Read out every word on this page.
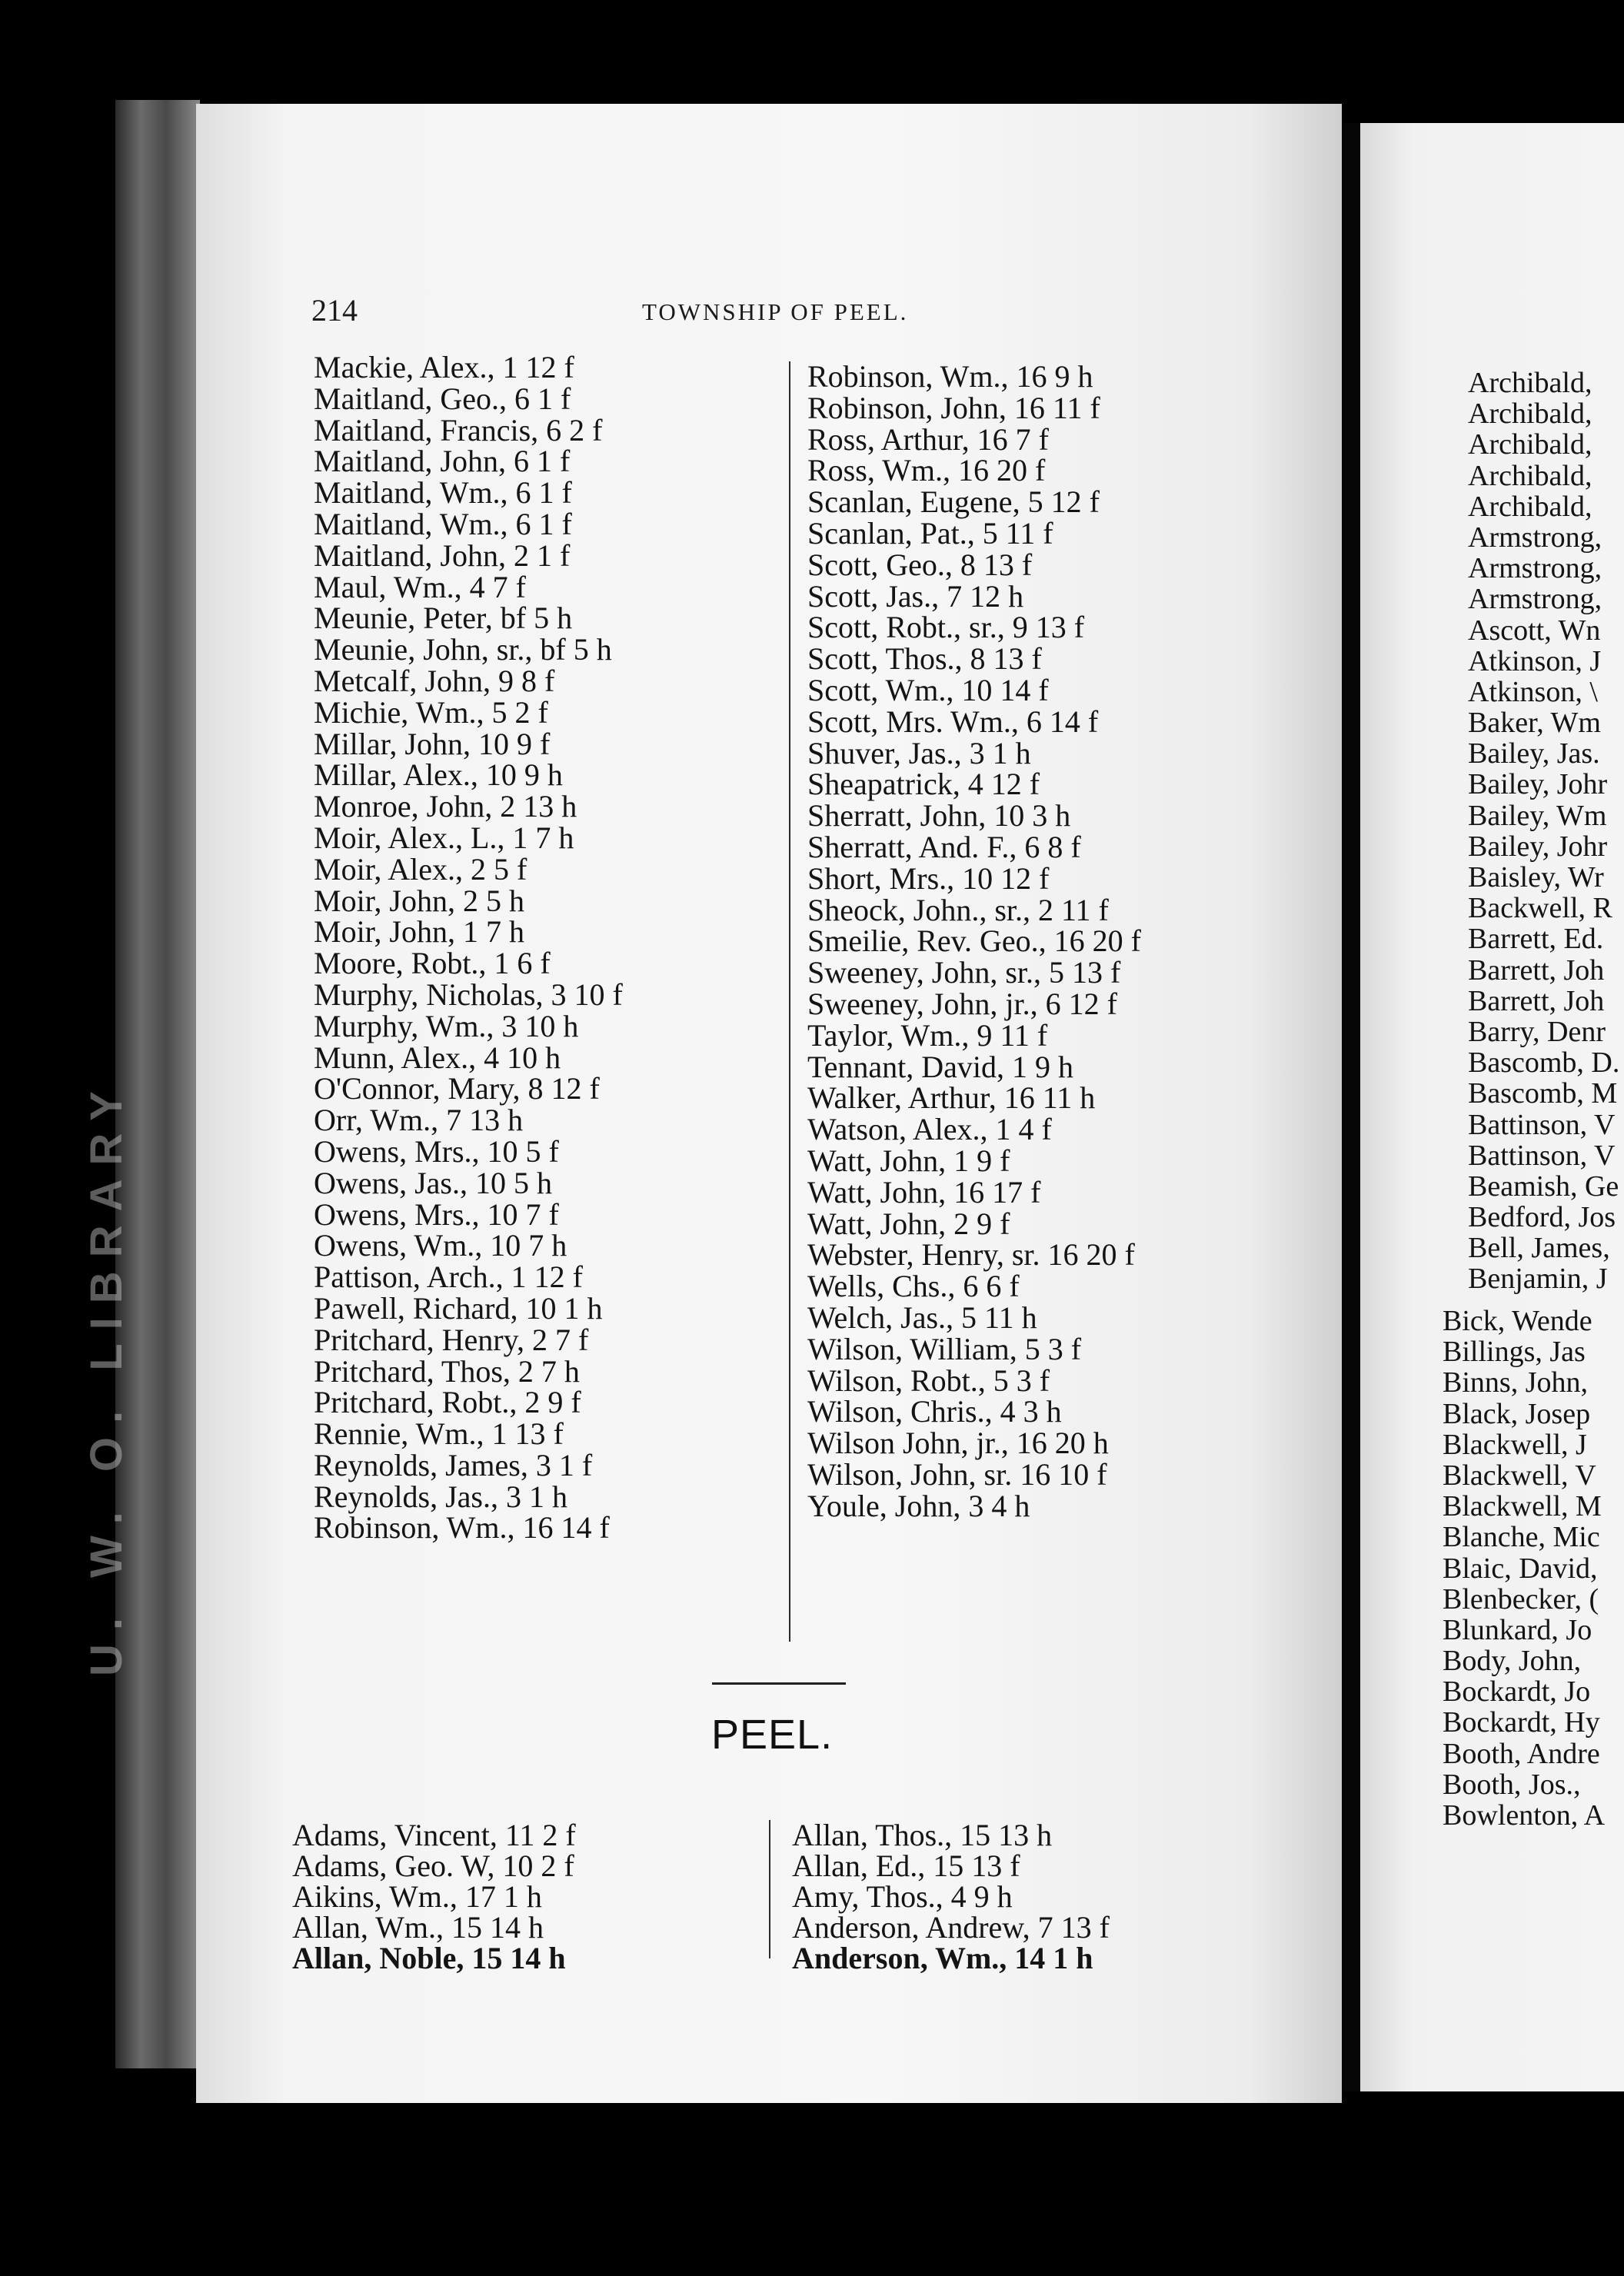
U. W. O. LIBRARY
214	TOWNSHIP OF PEEL.
Mackie, Alex., 1 12 f
Maitland, Geo., 6 1 f
Maitland, Francis, 6 2 f
Maitland, John, 6 1 f
Maitland, Wm., 6 1 f
Maitland, Wm., 6 1 f
Maitland, John, 2 1 f
Maul, Wm., 4 7 f
Meunie, Peter, bf 5 h
Meunie, John, sr., bf 5 h
Metcalf, John, 9 8 f
Michie, Wm., 5 2 f
Millar, John, 10 9 f
Millar, Alex., 10 9 h
Monroe, John, 2 13 h
Moir, Alex., L., 1 7 h
Moir, Alex., 2 5 f
Moir, John, 2 5 h
Moir, John, 1 7 h
Moore, Robt., 1 6 f
Murphy, Nicholas, 3 10 f
Murphy, Wm., 3 10 h
Munn, Alex., 4 10 h
O'Connor, Mary, 8 12 f
Orr, Wm., 7 13 h
Owens, Mrs., 10 5 f
Owens, Jas., 10 5 h
Owens, Mrs., 10 7 f
Owens, Wm., 10 7 h
Pattison, Arch., 1 12 f
Pawell, Richard, 10 1 h
Pritchard, Henry, 2 7 f
Pritchard, Thos, 2 7 h
Pritchard, Robt., 2 9 f
Rennie, Wm., 1 13 f
Reynolds, James, 3 1 f
Reynolds, Jas., 3 1 h
Robinson, Wm., 16 14 f
Robinson, Wm., 16 9 h
Robinson, John, 16 11 f
Ross, Arthur, 16 7 f
Ross, Wm., 16 20 f
Scanlan, Eugene, 5 12 f
Scanlan, Pat., 5 11 f
Scott, Geo., 8 13 f
Scott, Jas., 7 12 h
Scott, Robt., sr., 9 13 f
Scott, Thos., 8 13 f
Scott, Wm., 10 14 f
Scott, Mrs. Wm., 6 14 f
Shuver, Jas., 3 1 h
Sheapatrick, 4 12 f
Sherratt, John, 10 3 h
Sherratt, And. F., 6 8 f
Short, Mrs., 10 12 f
Sheock, John., sr., 2 11 f
Smeilie, Rev. Geo., 16 20 f
Sweeney, John, sr., 5 13 f
Sweeney, John, jr., 6 12 f
Taylor, Wm., 9 11 f
Tennant, David, 1 9 h
Walker, Arthur, 16 11 h
Watson, Alex., 1 4 f
Watt, John, 1 9 f
Watt, John, 16 17 f
Watt, John, 2 9 f
Webster, Henry, sr. 16 20 f
Wells, Chs., 6 6 f
Welch, Jas., 5 11 h
Wilson, William, 5 3 f
Wilson, Robt., 5 3 f
Wilson, Chris., 4 3 h
Wilson John, jr., 16 20 h
Wilson, John, sr. 16 10 f
Youle, John, 3 4 h
PEEL.
Adams, Vincent, 11 2 f
Adams, Geo. W, 10 2 f
Aikins, Wm., 17 1 h
Allan, Wm., 15 14 h
Allan, Noble, 15 14 h
Allan, Thos., 15 13 h
Allan, Ed., 15 13 f
Amy, Thos., 4 9 h
Anderson, Andrew, 7 13 f
Anderson, Wm., 14 1 h
Archibald,
Archibald,
Archibald,
Archibald,
Archibald,
Armstrong,
Armstrong,
Armstrong,
Ascott, Wn
Atkinson, J
Atkinson, \
Baker, Wm
Bailey, Jas.
Bailey, Johr
Bailey, Wm
Bailey, Johr
Baisley, Wr
Backwell, R
Barrett, Ed.
Barrett, Joh
Barrett, Joh
Barry, Denr
Bascomb, D.
Bascomb, M
Battinson, V
Battinson, V
Beamish, Ge
Bedford, Jos
Bell, James,
Benjamin, J
Bick, Wende
Billings, Jas
Binns, John,
Black, Josep
Blackwell, J
Blackwell, V
Blackwell, M
Blanche, Mic
Blaic, David,
Blenbecker, (
Blunkard, Jo
Body, John,
Bockardt, Jo
Bockardt, Hy
Booth, Andre
Booth, Jos.,
Bowlenton, A
